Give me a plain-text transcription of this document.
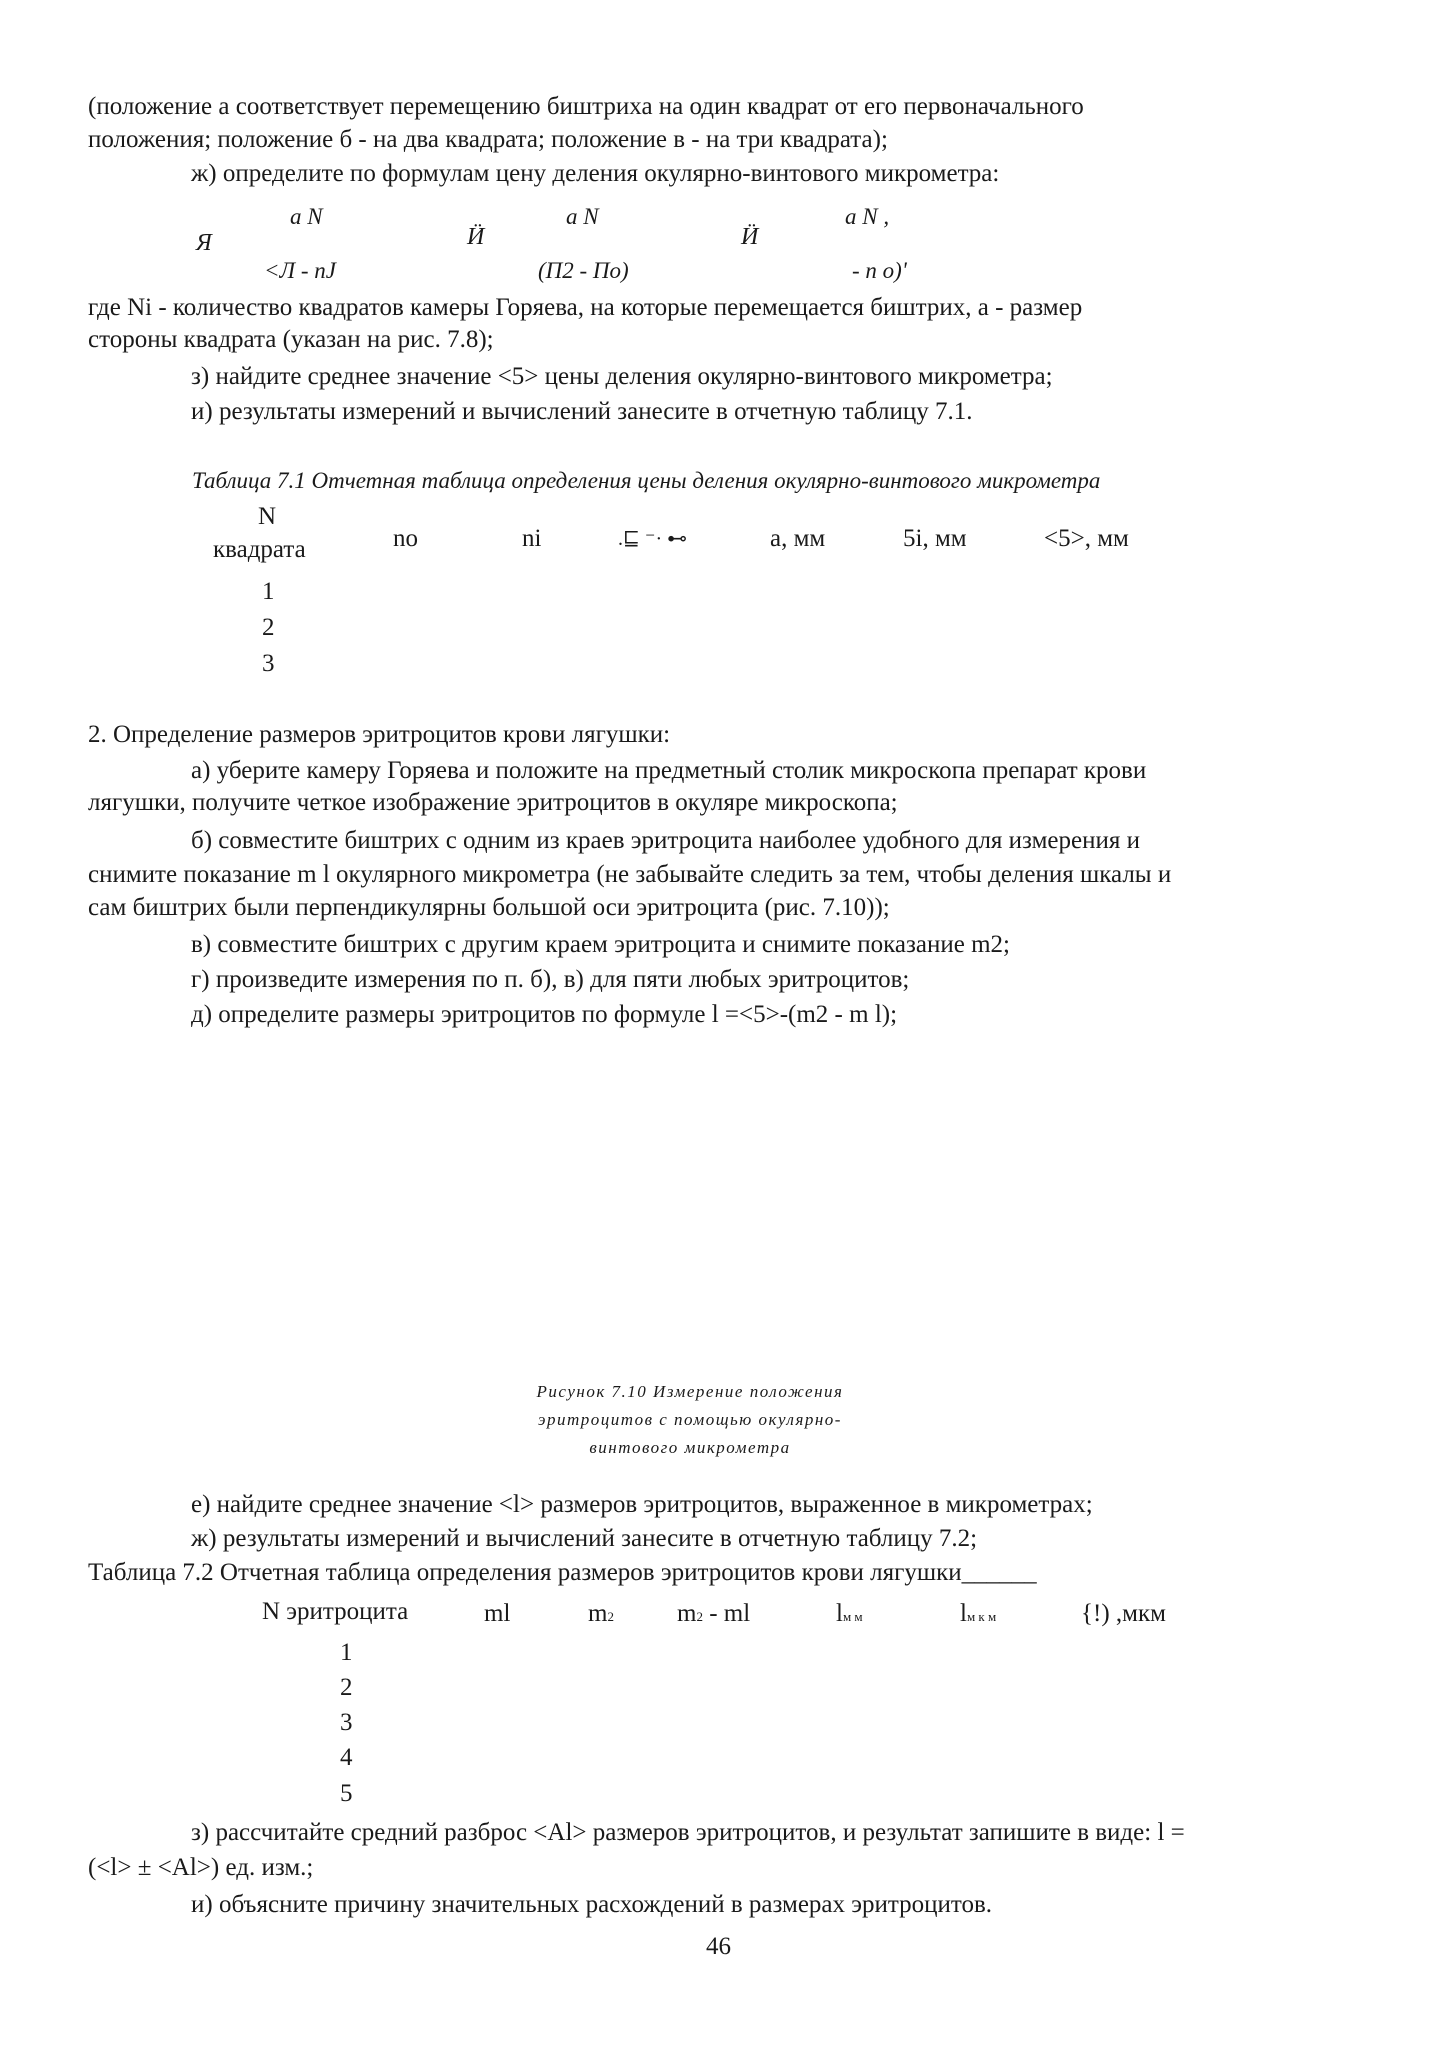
(положение а соответствует перемещению биштриха на один квадрат от его первоначального
положения; положение б - на два квадрата; положение в - на три квадрата);
ж) определите по формулам цену деления окулярно-винтового микрометра:
a N	a N	a N ,
Я	Ӥ	Ӥ
<Л - nJ	(П2 - По)	- n o)'
где Ni - количество квадратов камеры Горяева, на которые перемещается биштрих, а - размер
стороны квадрата (указан на рис. 7.8);
з) найдите среднее значение <5> цены деления окулярно-винтового микрометра;
и) результаты измерений и вычислений занесите в отчетную таблицу 7.1.
Таблица 7.1 Отчетная таблица определения цены деления окулярно-винтового микрометра
N
квадрата	no	ni	.⊑ ⁻· ⊷	a, мм	5i, мм	<5>, мм
1
2
3
2. Определение размеров эритроцитов крови лягушки:
а) уберите камеру Горяева и положите на предметный столик микроскопа препарат крови
лягушки, получите четкое изображение эритроцитов в окуляре микроскопа;
б) совместите биштрих с одним из краев эритроцита наиболее удобного для измерения и
снимите показание m l окулярного микрометра (не забывайте следить за тем, чтобы деления шкалы и
сам биштрих были перпендикулярны большой оси эритроцита (рис. 7.10));
в) совместите биштрих с другим краем эритроцита и снимите показание m2;
г) произведите измерения по п. б), в) для пяти любых эритроцитов;
д) определите размеры эритроцитов по формуле l =<5>-(m2 - m l);
Рисунок 7.10 Измерение положения
эритроцитов с помощью окулярно-
винтового микрометра
е) найдите среднее значение <l> размеров эритроцитов, выраженное в микрометрах;
ж) результаты измерений и вычислений занесите в отчетную таблицу 7.2;
Таблица 7.2 Отчетная таблица определения размеров эритроцитов крови лягушки______
N эритроцита	ml	m2	m2 - ml	lм м	lм к м	{!) ,мкм
1
2
3
4
5
з) рассчитайте средний разброс <Al> размеров эритроцитов, и результат запишите в виде: l =
(<l> ± <Al>) ед. изм.;
и) объясните причину значительных расхождений в размерах эритроцитов.
46
